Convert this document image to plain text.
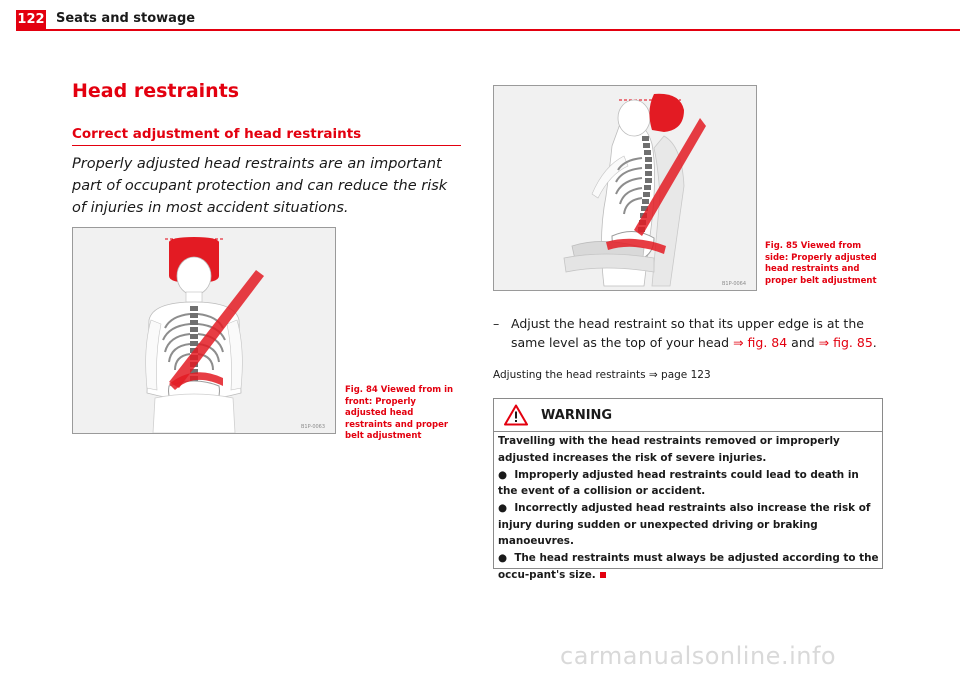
122 Seats and stowage
Head restraints
Correct adjustment of head restraints
Properly adjusted head restraints are an important part of occupant protection and can reduce the risk of injuries in most accident situations.
B1P-0063
B1P-0064
Fig. 84 Viewed from in front: Properly adjusted head restraints and proper belt adjustment
Fig. 85 Viewed from side: Properly adjusted head restraints and proper belt adjustment
– Adjust the head restraint so that its upper edge is at the same level as the top of your head ⇒ fig. 84 and ⇒ fig. 85.
Adjusting the head restraints ⇒ page 123
WARNING

Travelling with the head restraints removed or improperly adjusted increases the risk of severe injuries.

●  Improperly adjusted head restraints could lead to death in the event of a collision or accident.

●  Incorrectly adjusted head restraints also increase the risk of injury during sudden or unexpected driving or braking manoeuvres.

●  The head restraints must always be adjusted according to the occu-pant's size.

carmanualsonline.info
